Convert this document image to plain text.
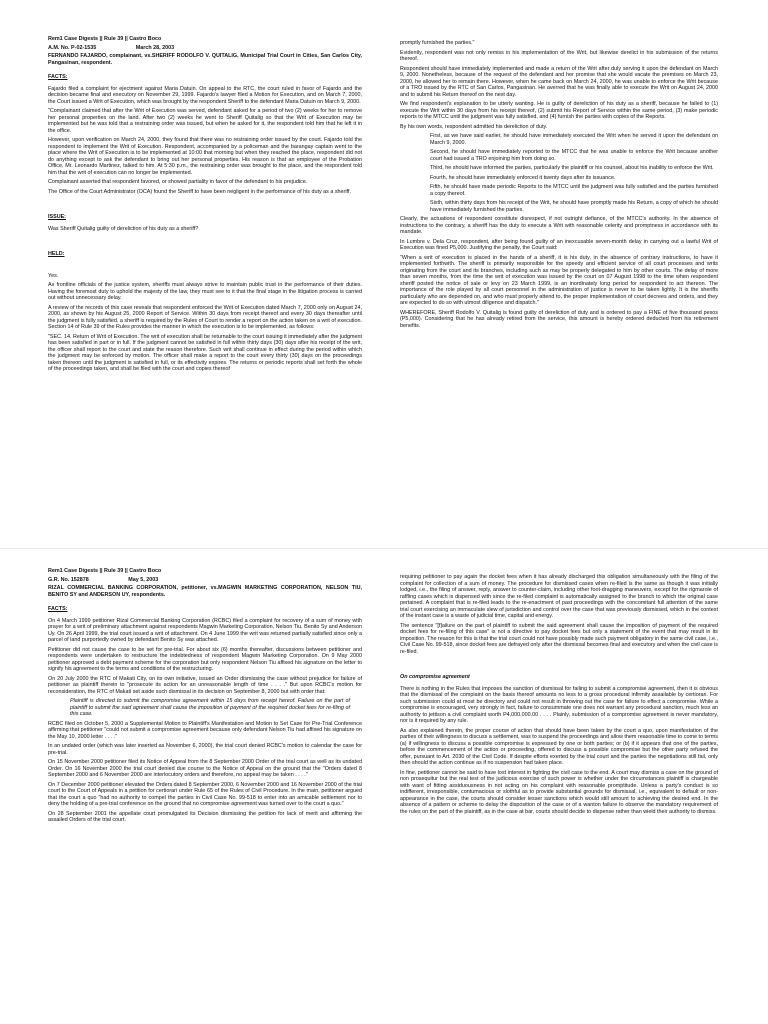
Rem1 Case Digests || Rule 39 || Castro Boco

A.M. No. P-02-1535	March 28, 2003

FERNANDO FAJARDO, complainant, vs.SHERIFF RODOLFO V. QUITALIG, Municipal Trial Court in Cities, San Carlos City, Pangasinan, respondent.

FACTS:

Fajardo filed a complaint for ejectment against Maria Datuin. On appeal to the RTC, the court ruled in favor of Fajardo and the decision became final and executory on November 29, 1999. Fajardo's lawyer filed a Motion for Execution, and on March 7, 2000, the Court issued a Writ of Execution, which was brought by the respondent Sheriff to the defendant Maria Datuin on March 9, 2000.

"Complainant claimed that after the Writ of Execution was served, defendant asked for a period of two (2) weeks for her to remove her personal properties on the land. After two (2) weeks he went to Sheriff Quitalig so that the Writ of Execution may be implemented but he was told that a restraining order was issued, but when he asked for it, the respondent told him that he left it in the office.

However, upon verification on March 24, 2000, they found that there was no restraining order issued by the court. Fajardo told the respondent to implement the Writ of Execution. Respondent, accompanied by a policeman and the barangay captain went to the place where the Writ of Execution is to be implemented at 10:00 that morning but when they reached the place, respondent did not do anything except to ask the defendant to bring out her personal properties. His reason is that an employee of the Probation Office, Mr. Leonardo Martinez, talked to him. At 5:30 p.m., the restraining order was brought to the place, and the respondent told him that the writ of execution can no longer be implemented.

Complainant asserted that respondent favored, or showed partiality in favor of the defendant to his prejudice.

The Office of the Court Administrator (OCA) found the Sheriff to have been negligent in the performance of his duty as a sheriff.

ISSUE:

Was Sheriff Quitalig guilty of dereliction of his duty as a sheriff?

HELD:

Yes.

As frontline officials of the justice system, sheriffs must always strive to maintain public trust in the performance of their duties. Having the foremost duty to uphold the majesty of the law, they must see to it that the final stage in the litigation process is carried out without unnecessary delay.

A review of the records of this case reveals that respondent enforced the Writ of Execution dated March 7, 2000 only on August 24, 2000, as shown by his August 25, 2000 Report of Service. Within 30 days from receipt thereof and every 30 days thereafter until the judgment is fully satisfied, a sheriff is required by the Rules of Court to render a report on the action taken on a writ of execution. Section 14 of Rule 39 of the Rules provides the manner in which the execution is to be implemented, as follows:

"SEC. 14. Return of Writ of Execution. The writ of execution shall be returnable to the court issuing it immediately after the judgment has been satisfied in part or in full. If the judgment cannot be satisfied in full within thirty days (30) days after his receipt of the writ, the officer shall report to the court and state the reason therefore. Such writ shall continue in effect during the period within which the judgment may be enforced by motion. The officer shall make a report to the court every thirty (30) days on the proceedings taken thereon until the judgment is satisfied in full, or its effectivity expires. The returns or periodic reports shall set forth the whole of the proceedings taken, and shall be filed with the court and copies thereof

promptly furnished the parties."

Evidently, respondent was not only remiss in his implementation of the Writ, but likewise derelict in his submission of the returns thereof.

Respondent should have immediately implemented and made a return of the Writ after duly serving it upon the defendant on March 9, 2000. Nonetheless, because of the request of the defendant and her promise that she would vacate the premises on March 23, 2000, he allowed her to remain there. However, when he came back on March 24, 2000, he was unable to enforce the Writ because of a TRO issued by the RTC of San Carlos, Pangasinan. He averred that he was finally able to execute the Writ on August 24, 2000 and to submit his Return thereof on the next day.

We find respondent's explanation to be utterly wanting. He is guilty of dereliction of his duty as a sheriff, because he failed to (1) execute the Writ within 30 days from his receipt thereof, (2) submit his Report of Service within the same period, (3) make periodic reports to the MTCC until the judgment was fully satisfied, and (4) furnish the parties with copies of the Reports.

By his own words, respondent admitted his dereliction of duty.

First, as we have said earlier, he should have immediately executed the Writ when he served it upon the defendant on March 9, 2000.

Second, he should have immediately reported to the MTCC that he was unable to enforce the Writ because another court had issued a TRO enjoining him from doing so.

Third, he should have informed the parties, particularly the plaintiff or his counsel, about his inability to enforce the Writ.

Fourth, he should have immediately enforced it twenty days after its issuance.

Fifth, he should have made periodic Reports to the MTCC until the judgment was fully satisfied and the parties furnished a copy thereof.

Sixth, within thirty days from his receipt of the Writ, he should have promptly made his Return, a copy of which he should have immediately furnished the parties.

Clearly, the actuations of respondent constitute disrespect, if not outright defiance, of the MTCC's authority. In the absence of instructions to the contrary, a sheriff has the duty to execute a Writ with reasonable celerity and promptness in accordance with its mandate.

In Lumbre v. Dela Cruz, respondent, after being found guilty of an inexcusable seven-month delay in carrying out a lawful Writ of Execution was fined P5,000. Justifying the penalty, the Court said:

"When a writ of execution is placed in the hands of a sheriff, it is his duty, in the absence of contrary instructions, to have it implemented forthwith. The sheriff is primarily responsible for the speedy and efficient service of all court processes and writs originating from the court and its branches, including such as may be properly delegated to him by other courts. The delay of more than seven months, from the time the writ of execution was issued by the court on 07 August 1998 to the time when respondent sheriff posted the notice of sale or levy on 23 March 1999, is an inordinately long period for respondent to act thereon. The importance of the role played by all court personnel in the administration of justice is never to be taken lightly. It is the sheriffs particularly who are depended on, and who must properly attend to, the proper implementation of court decrees and orders, and they are expected to do so with utmost diligence and dispatch."

WHEREFORE, Sheriff Rodolfo V. Quitalig is found guilty of dereliction of duty and is ordered to pay a FINE of five thousand pesos (P5,000). Considering that he has already retired from the service, this amount is hereby ordered deducted from his retirement benefits.

Rem1 Case Digests || Rule 39 || Castro Boco

G.R. No. 152878	May 5, 2003

RIZAL COMMERCIAL BANKING CORPORATION, petitioner, vs.MAGWIN MARKETING CORPORATION, NELSON TIU, BENITO SY and ANDERSON UY, respondents.

FACTS:

On 4 March 1999 petitioner Rizal Commercial Banking Corporation (RCBC) filed a complaint for recovery of a sum of money with prayer for a writ of preliminary attachment against respondents Magwin Marketing Corporation, Nelson Tiu, Benito Sy and Anderson Uy. On 26 April 1999, the trial court issued a writ of attachment. On 4 June 1999 the writ was returned partially satisfied since only a parcel of land purportedly owned by defendant Benito Sy was attached.

Petitioner did not cause the case to be set for pre-trial. For about six (6) months thereafter, discussions between petitioner and respondents were undertaken to restructure the indebtedness of respondent Magwin Marketing Corporation. On 9 May 2000 petitioner approved a debt payment scheme for the corporation but only respondent Nelson Tiu affixed his signature on the letter to signify his agreement to the terms and conditions of the restructuring.

On 20 July 2000 the RTC of Makati City, on its own initiative, issued an Order dismissing the case without prejudice for failure of petitioner as plaintiff therein to "prosecute its action for an unreasonable length of time . . . ." But upon RCBC's motion for reconsideration, the RTC of Makati set aside such dismissal in its decision on September 8, 2000 but with order that:

Plaintiff is directed to submit the compromise agreement within 15 days from receipt hereof. Failure on the part of plaintiff to submit the said agreement shall cause the imposition of payment of the required docket fees for re-filing of this case.

RCBC filed on October 5, 2000 a Supplemental Motion to Plaintiff's Manifestation and Motion to Set Case for Pre-Trial Conference affirming that petitioner "could not submit a compromise agreement because only defendant Nelson Tiu had affixed his signature on the May 10, 2000 letter . . . ."

In an undated order (which was later inserted as November 6, 2000), the trial court denied RCBC's motion to calendar the case for pre-trial.

On 15 November 2000 petitioner filed its Notice of Appeal from the 8 September 2000 Order of the trial court as well as its undated Order. On 16 November 2000 the trial court denied due course to the Notice of Appeal on the ground that the "Orders dated 8 September 2000 and 6 November 2000 are interlocutory orders and therefore, no appeal may be taken . . . ."

On 7 December 2000 petitioner elevated the Orders dated 8 September 2000, 6 November 2000 and 16 November 2000 of the trial court to the Court of Appeals in a petition for certiorari under Rule 65 of the Rules of Civil Procedure. In the main, petitioner argued that the court a quo "had no authority to compel the parties in Civil Case No. 99-518 to enter into an amicable settlement nor to deny the holding of a pre-trial conference on the ground that no compromise agreement was turned over to the court a quo."

On 28 September 2001 the appellate court promulgated its Decision dismissing the petition for lack of merit and affirming the assailed Orders of the trial court.

requiring petitioner to pay again the docket fees when it has already discharged this obligation simultaneously with the filing of the complaint for collection of a sum of money. The procedure for dismissed cases when re-filed is the same as though it was initially lodged, i.e., the filing of answer, reply, answer to counter-claim, including other foot-dragging maneuvers, except for the rigmarole of raffling cases which is dispensed with since the re-filed complaint is automatically assigned to the branch to which the original case pertained. A complaint that is re-filed leads to the re-enactment of past proceedings with the concomitant full attention of the same trial court exercising an immaculate slew of jurisdiction and control over the case that was previously dismissed, which in the context of the instant case is a waste of judicial time, capital and energy.

The sentence "[f]ailure on the part of plaintiff to submit the said agreement shall cause the imposition of payment of the required docket fees for re-filing of this case" is not a directive to pay docket fees but only a statement of the event that may result in its imposition. The reason for this is that the trial court could not have possibly made such payment obligatory in the same civil case, i.e., Civil Case No. 99-518, since docket fees are defrayed only after the dismissal becomes final and executory and when the civil case is re-filed.

On compromise agreement

There is nothing in the Rules that imposes the sanction of dismissal for failing to submit a compromise agreement, then it is obvious that the dismissal of the complaint on the basis thereof amounts no less to a gross procedural infirmity assailable by certiorari. For such submission could at most be directory and could not result in throwing out the case for failure to effect a compromise. While a compromise is encouraged, very strongly in fact, failure to consummate one does not warrant any procedural sanction, much less an authority to jettison a civil complaint worth P4,000,000.00 . . . . Plainly, submission of a compromise agreement is never mandatory, nor is it required by any rule.

As also explained therein, the proper course of action that should have been taken by the court a quo, upon manifestation of the parties of their willingness to discuss a settlement, was to suspend the proceedings and allow them reasonable time to come to terms (a) if willingness to discuss a possible compromise is expressed by one or both parties; or (b) if it appears that one of the parties, before the commencement of the action or proceeding, offered to discuss a possible compromise but the other party refused the offer, pursuant to Art. 2030 of the Civil Code. If despite efforts exerted by the trial court and the parties the negotiations still fail, only then should the action continue as if no suspension had taken place.

In fine, petitioner cannot be said to have lost interest in fighting the civil case to the end. A court may dismiss a case on the ground of non prosequitur but the real test of the judicious exercise of such power is whether under the circumstances plaintiff is chargeable with want of fitting assiduousness in not acting on his complaint with reasonable promptitude. Unless a party's conduct is so indifferent, irresponsible, contumacious or slothful as to provide substantial grounds for dismissal, i.e., equivalent to default or non-appearance in the case, the courts should consider lesser sanctions which would still amount to achieving the desired end. In the absence of a pattern or scheme to delay the disposition of the case or of a wanton failure to observe the mandatory requirement of the rules on the part of the plaintiff, as in the case at bar, courts should decide to dispense rather than wield their authority to dismiss.
